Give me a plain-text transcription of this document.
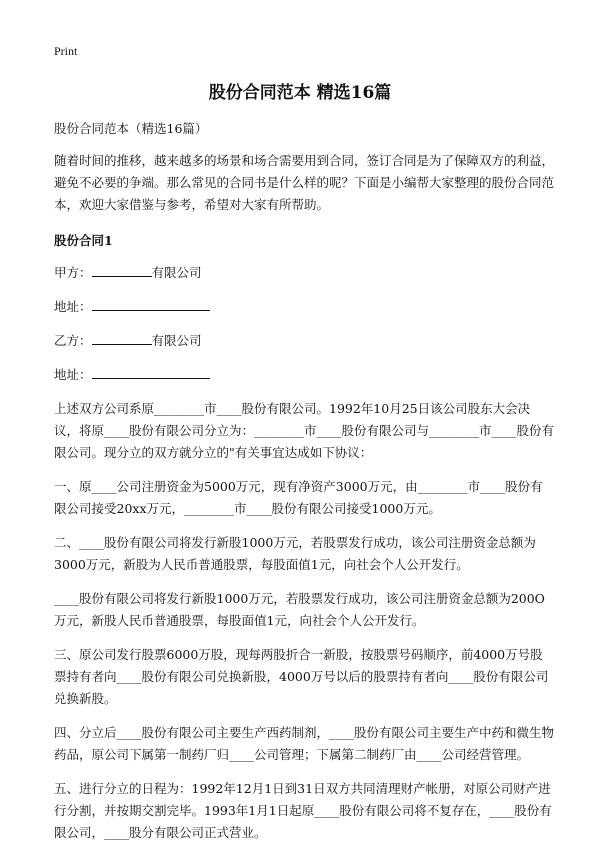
Print
股份合同范本 精选16篇

股份合同范本（精选16篇）

随着时间的推移，越来越多的场景和场合需要用到合同，签订合同是为了保障双方的利益，避免不必要的争端。那么常见的合同书是什么样的呢？下面是小编帮大家整理的股份合同范本，欢迎大家借鉴与参考，希望对大家有所帮助。

股份合同1

甲方：	有限公司

地址：

乙方：	有限公司

地址：

上述双方公司系原________市____股份有限公司。1992年10月25日该公司股东大会决议，将原____股份有限公司分立为：________市____股份有限公司与________市____股份有限公司。现分立的双方就分立的"有关事宜达成如下协议：

一、原____公司注册资金为5000万元，现有净资产3000万元，由________市____股份有限公司接受20xx万元，________市____股份有限公司接受1000万元。

二、____股份有限公司将发行新股1000万元，若股票发行成功，该公司注册资金总额为3000万元，新股为人民币普通股票，每股面值1元，向社会个人公开发行。

____股份有限公司将发行新股1000万元，若股票发行成功，该公司注册资金总额为200O万元，新股人民币普通股票，每股面值1元，向社会个人公开发行。

三、原公司发行股票6000万股，现每两股折合一新股，按股票号码顺序，前4000万号股票持有者向____股份有限公司兑换新股，4000万号以后的股票持有者向____股份有限公司兑换新股。

四、分立后____股份有限公司主要生产西药制剂，____股份有限公司主要生产中药和微生物药品，原公司下属第一制药厂归____公司管理；下属第二制药厂由____公司经营管理。

五、进行分立的日程为：1992年12月1日到31日双方共同清理财产帐册，对原公司财产进行分割，并按期交割完毕。1993年1月1日起原____股份有限公司将不复存在，____股份有限公司，____股分有限公司正式营业。
